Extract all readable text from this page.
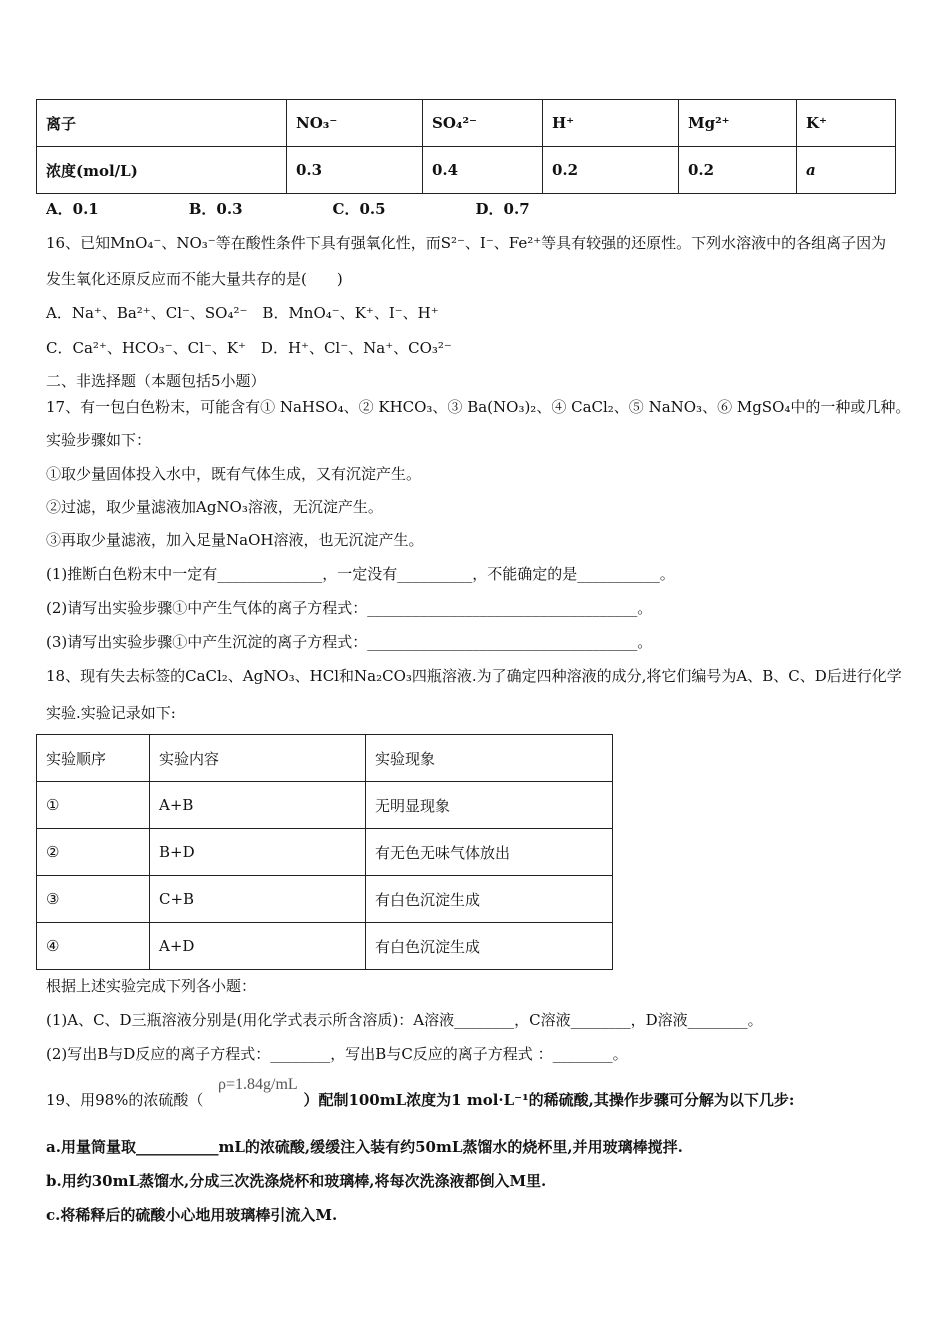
离子	NO₃⁻	SO₄²⁻	H⁺	Mg²⁺	K⁺
浓度(mol/L)	0.3	0.4	0.2	0.2	a
A．0.1　　　　　　B．0.3　　　　　　C．0.5　　　　　　D．0.7
16、已知MnO₄⁻、NO₃⁻等在酸性条件下具有强氧化性，而S²⁻、I⁻、Fe²⁺等具有较强的还原性。下列水溶液中的各组离子因为
发生氧化还原反应而不能大量共存的是(　　)
A．Na⁺、Ba²⁺、Cl⁻、SO₄²⁻　B．MnO₄⁻、K⁺、I⁻、H⁺
C．Ca²⁺、HCO₃⁻、Cl⁻、K⁺　D．H⁺、Cl⁻、Na⁺、CO₃²⁻
二、非选择题（本题包括5小题）
17、有一包白色粉末，可能含有① NaHSO₄、② KHCO₃、③ Ba(NO₃)₂、④ CaCl₂、⑤ NaNO₃、⑥ MgSO₄中的一种或几种。
实验步骤如下：
①取少量固体投入水中，既有气体生成，又有沉淀产生。
②过滤，取少量滤液加AgNO₃溶液，无沉淀产生。
③再取少量滤液，加入足量NaOH溶液，也无沉淀产生。
(1)推断白色粉末中一定有______________，一定没有__________，不能确定的是___________。
(2)请写出实验步骤①中产生气体的离子方程式：____________________________________。
(3)请写出实验步骤①中产生沉淀的离子方程式：____________________________________。
18、现有失去标签的CaCl₂、AgNO₃、HCl和Na₂CO₃四瓶溶液.为了确定四种溶液的成分,将它们编号为A、B、C、D后进行化学
实验.实验记录如下:
实验顺序	实验内容	实验现象
①	A+B	无明显现象
②	B+D	有无色无味气体放出
③	C+B	有白色沉淀生成
④	A+D	有白色沉淀生成
根据上述实验完成下列各小题：
(1)A、C、D三瓶溶液分别是(用化学式表示所含溶质)：A溶液________，C溶液________，D溶液________。
(2)写出B与D反应的离子方程式：________，写出B与C反应的离子方程式 ：________。
19、用98%的浓硫酸（	）配制100mL浓度为1 mol·L⁻¹的稀硫酸,其操作步骤可分解为以下几步:
ρ=1.84g/mL
a.用量筒量取___________mL的浓硫酸,缓缓注入装有约50mL蒸馏水的烧杯里,并用玻璃棒搅拌.
b.用约30mL蒸馏水,分成三次洗涤烧杯和玻璃棒,将每次洗涤液都倒入M里.
c.将稀释后的硫酸小心地用玻璃棒引流入M.
